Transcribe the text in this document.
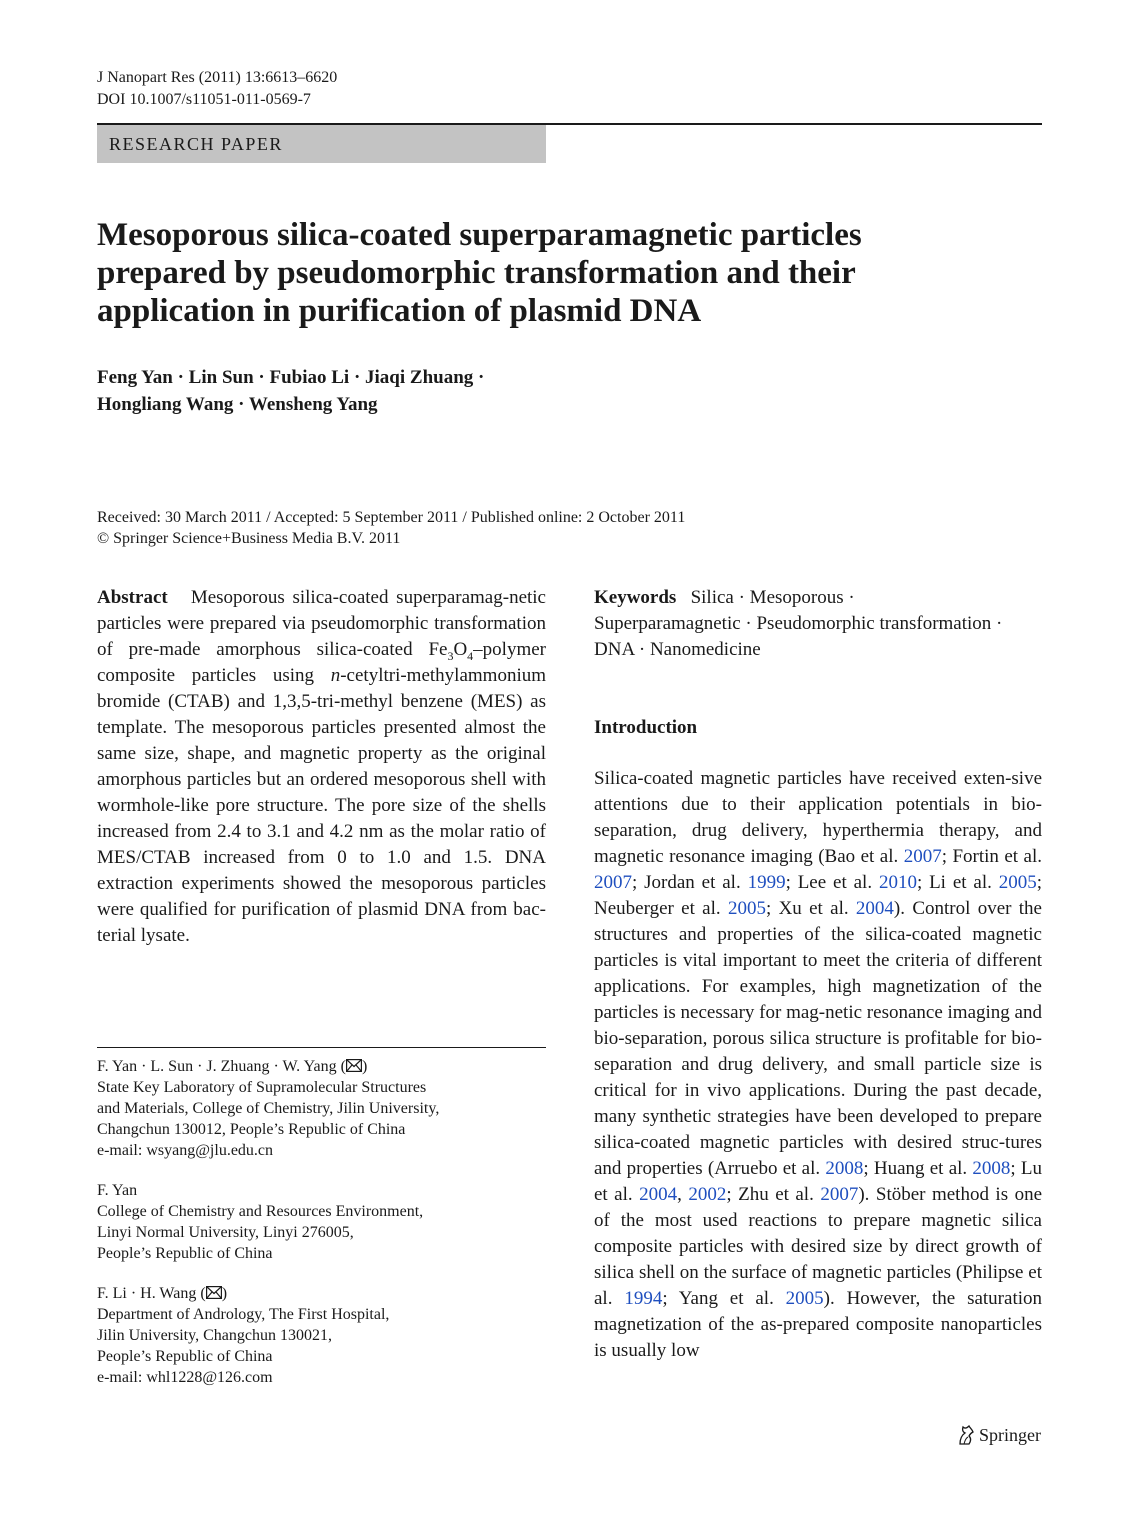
J Nanopart Res (2011) 13:6613–6620
DOI 10.1007/s11051-011-0569-7
RESEARCH PAPER
Mesoporous silica-coated superparamagnetic particles
prepared by pseudomorphic transformation and their
application in purification of plasmid DNA
Feng Yan · Lin Sun · Fubiao Li · Jiaqi Zhuang ·
Hongliang Wang · Wensheng Yang
Received: 30 March 2011 / Accepted: 5 September 2011 / Published online: 2 October 2011
© Springer Science+Business Media B.V. 2011
Abstract Mesoporous silica-coated superparamag-netic particles were prepared via pseudomorphic transformation of pre-made amorphous silica-coated $Fe_3O_4$–polymer composite particles using n-cetyltri-methylammonium bromide (CTAB) and 1,3,5-tri-methyl benzene (MES) as template. The mesoporous particles presented almost the same size, shape, and magnetic property as the original amorphous particles but an ordered mesoporous shell with wormhole-like pore structure. The pore size of the shells increased from 2.4 to 3.1 and 4.2 nm as the molar ratio of MES/CTAB increased from 0 to 1.0 and 1.5. DNA extraction experiments showed the mesoporous particles were qualified for purification of plasmid DNA from bac-terial lysate.
Keywords Silica · Mesoporous ·
Superparamagnetic · Pseudomorphic transformation ·
DNA · Nanomedicine
Introduction
Silica-coated magnetic particles have received exten-sive attentions due to their application potentials in bio-separation, drug delivery, hyperthermia therapy, and magnetic resonance imaging (Bao et al. 2007; Fortin et al. 2007; Jordan et al. 1999; Lee et al. 2010; Li et al. 2005; Neuberger et al. 2005; Xu et al. 2004). Control over the structures and properties of the silica-coated magnetic particles is vital important to meet the criteria of different applications. For examples, high magnetization of the particles is necessary for mag-netic resonance imaging and bio-separation, porous silica structure is profitable for bio-separation and drug delivery, and small particle size is critical for in vivo applications. During the past decade, many synthetic strategies have been developed to prepare silica-coated magnetic particles with desired struc-tures and properties (Arruebo et al. 2008; Huang et al. 2008; Lu et al. 2004, 2002; Zhu et al. 2007). Stöber method is one of the most used reactions to prepare magnetic silica composite particles with desired size by direct growth of silica shell on the surface of magnetic particles (Philipse et al. 1994; Yang et al. 2005). However, the saturation magnetization of the as-prepared composite nanoparticles is usually low
F. Yan · L. Sun · J. Zhuang · W. Yang ( )
State Key Laboratory of Supramolecular Structures
and Materials, College of Chemistry, Jilin University,
Changchun 130012, People’s Republic of China
e-mail: wsyang@jlu.edu.cn
F. Yan
College of Chemistry and Resources Environment,
Linyi Normal University, Linyi 276005,
People’s Republic of China
F. Li · H. Wang ( )
Department of Andrology, The First Hospital,
Jilin University, Changchun 130021,
People’s Republic of China
e-mail: whl1228@126.com
Springer
